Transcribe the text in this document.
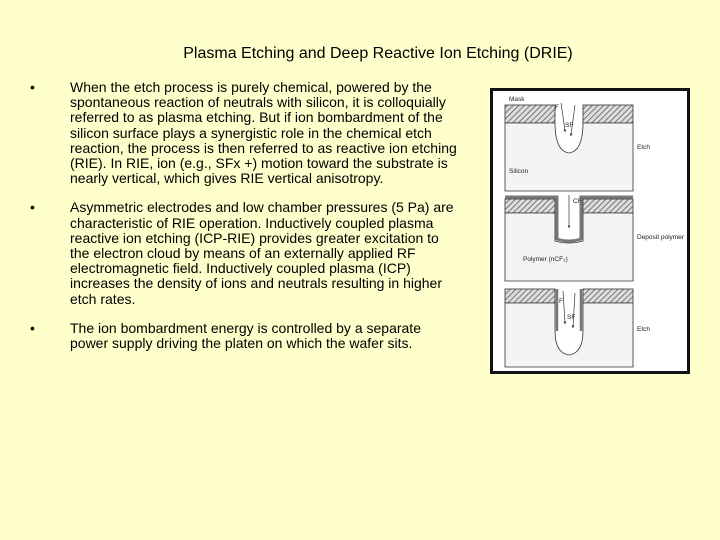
Plasma Etching and Deep Reactive Ion Etching (DRIE)
•	When the etch process is purely chemical, powered by the spontaneous reaction of neutrals with silicon, it is colloquially referred to as plasma etching. But if ion bombardment of the silicon surface plays a synergistic role in the chemical etch reaction, the process is then referred to as reactive ion etching (RIE). In RIE, ion (e.g., SFx +) motion toward the substrate is nearly vertical, which gives RIE vertical anisotropy.
•	Asymmetric electrodes and low chamber pressures (5 Pa) are characteristic of RIE operation. Inductively coupled plasma reactive ion etching (ICP-RIE) provides greater excitation to the electron cloud by means of an externally applied RF electromagnetic field. Inductively coupled plasma (ICP) increases the density of ions and neutrals resulting in higher etch rates.
•	The ion bombardment energy is controlled by a separate power supply driving the platen on which the wafer sits.
Mask
F
SF
Etch
Silicon
CF
Deposit polymer
Polymer (nCF₂)
F
SF
Etch
